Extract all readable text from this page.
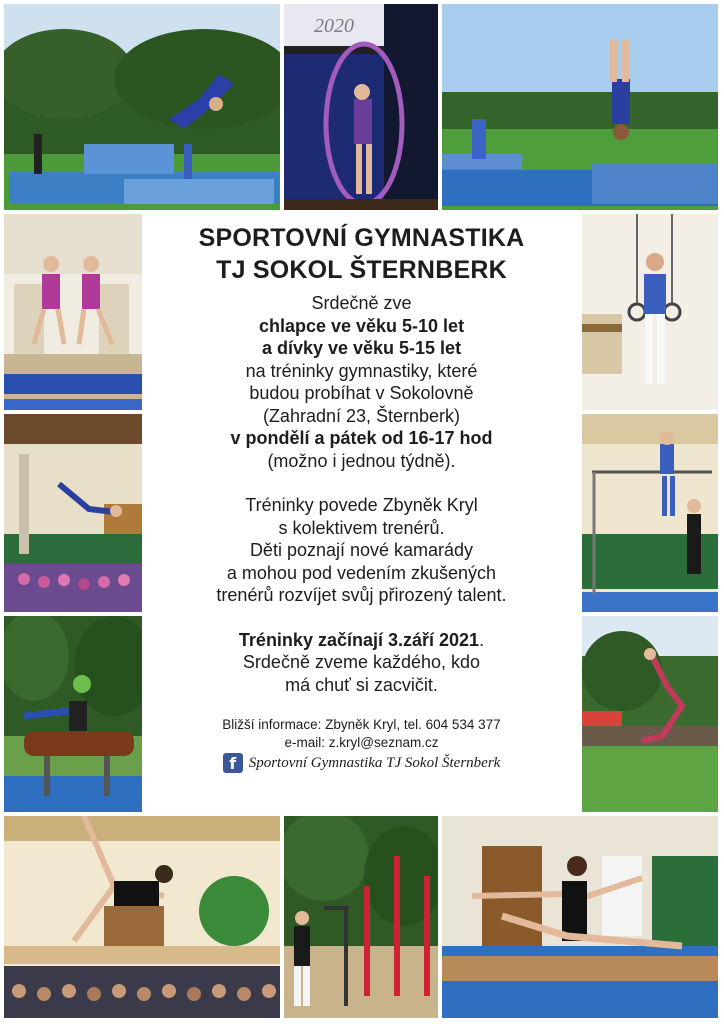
2020
SPORTOVNÍ GYMNASTIKA
TJ SOKOL ŠTERNBERK
Srdečně zve
chlapce ve věku 5-10 let
a dívky ve věku 5-15 let
na tréninky gymnastiky, které
budou probíhat v Sokolovně
(Zahradní 23, Šternberk)
v pondělí a pátek od 16-17 hod
(možno i jednou týdně).
Tréninky povede Zbyněk Kryl
s kolektivem trenérů.
Děti poznají nové kamarády
a mohou pod vedením zkušených
trenérů rozvíjet svůj přirozený talent.
Tréninky začínají 3.září 2021.
Srdečně zveme každého, kdo
má chuť si zacvičit.
Bližší informace: Zbyněk Kryl, tel. 604 534 377
e-mail: z.kryl@seznam.cz
f Sportovní Gymnastika TJ Sokol Šternberk
